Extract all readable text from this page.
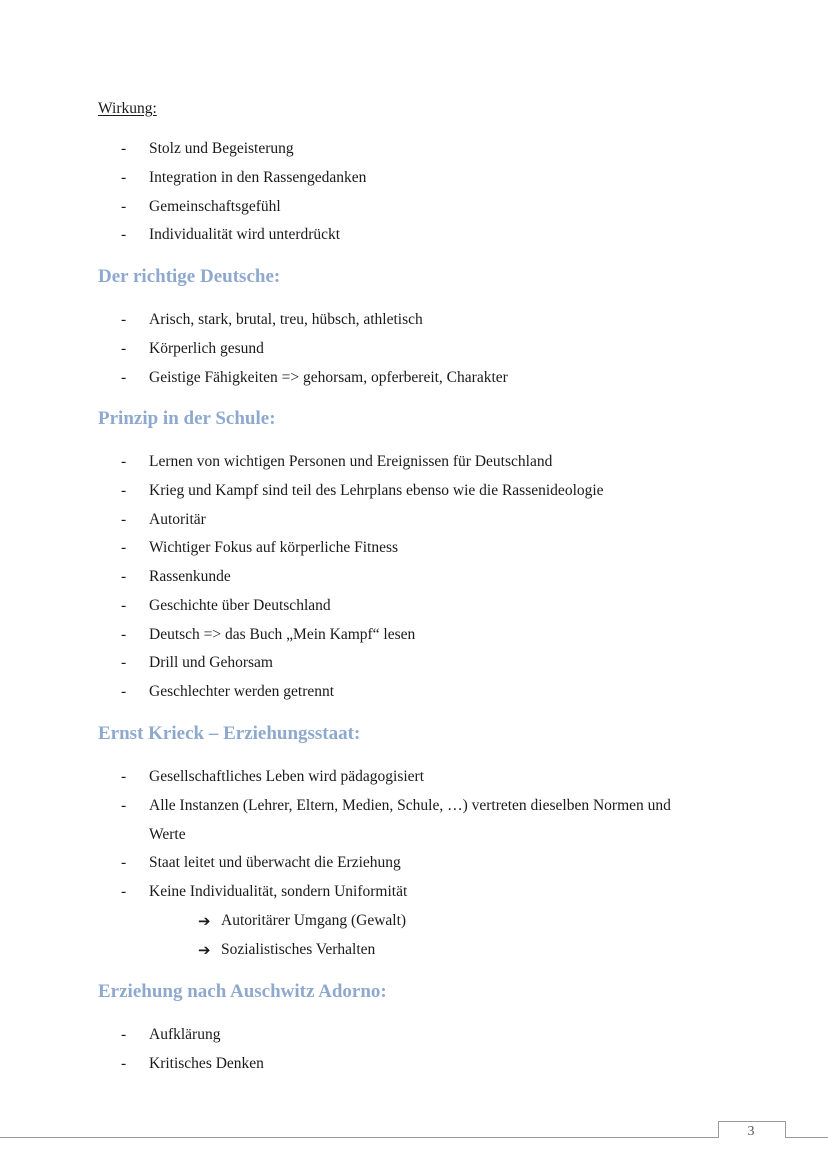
Wirkung:
- Stolz und Begeisterung
- Integration in den Rassengedanken
- Gemeinschaftsgefühl
- Individualität wird unterdrückt
Der richtige Deutsche:
- Arisch, stark, brutal, treu, hübsch, athletisch
- Körperlich gesund
- Geistige Fähigkeiten => gehorsam, opferbereit, Charakter
Prinzip in der Schule:
- Lernen von wichtigen Personen und Ereignissen für Deutschland
- Krieg und Kampf sind teil des Lehrplans ebenso wie die Rassenideologie
- Autoritär
- Wichtiger Fokus auf körperliche Fitness
- Rassenkunde
- Geschichte über Deutschland
- Deutsch => das Buch „Mein Kampf“ lesen
- Drill und Gehorsam
- Geschlechter werden getrennt
Ernst Krieck – Erziehungsstaat:
- Gesellschaftliches Leben wird pädagogisiert
- Alle Instanzen (Lehrer, Eltern, Medien, Schule, …) vertreten dieselben Normen und
Werte
- Staat leitet und überwacht die Erziehung
- Keine Individualität, sondern Uniformität
➔ Autoritärer Umgang (Gewalt)
➔ Sozialistisches Verhalten
Erziehung nach Auschwitz Adorno:
- Aufklärung
- Kritisches Denken
3
